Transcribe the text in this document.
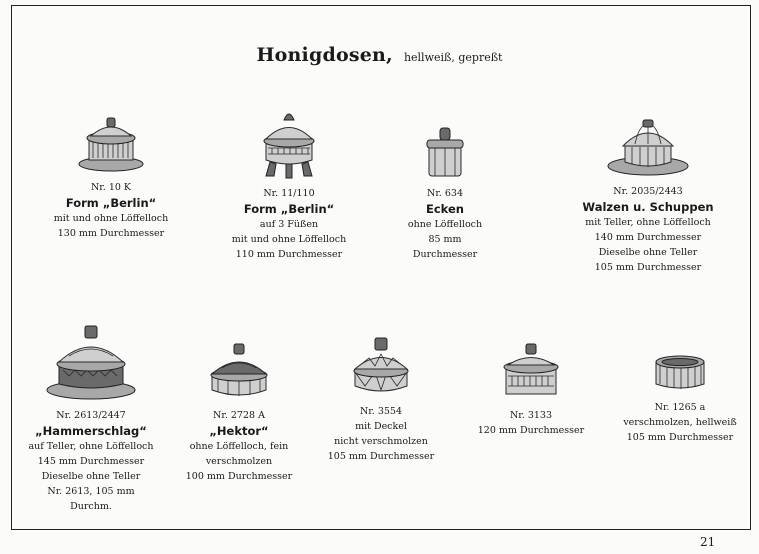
Honigdosen, hellweiß, gepreßt
Nr. 10 K
Form „Berlin“
mit und ohne Löffelloch
130 mm Durchmesser
Nr. 11/110
Form „Berlin“
auf 3 Füßen
mit und ohne Löffelloch
110 mm Durchmesser
Nr. 634
Ecken
ohne Löffelloch
85 mm Durchmesser
Nr. 2035/2443
Walzen u. Schuppen
mit Teller, ohne Löffelloch
140 mm Durchmesser
Dieselbe ohne Teller
105 mm Durchmesser
Nr. 2613/2447
„Hammerschlag“
auf Teller, ohne Löffelloch
145 mm Durchmesser
Dieselbe ohne Teller
Nr. 2613, 105 mm Durchm.
Nr. 2728 A
„Hektor“
ohne Löffelloch, fein
verschmolzen
100 mm Durchmesser
Nr. 3554
mit Deckel
nicht verschmolzen
105 mm Durchmesser
Nr. 3133
120 mm Durchmesser
Nr. 1265 a
verschmolzen, hellweiß
105 mm Durchmesser
21
